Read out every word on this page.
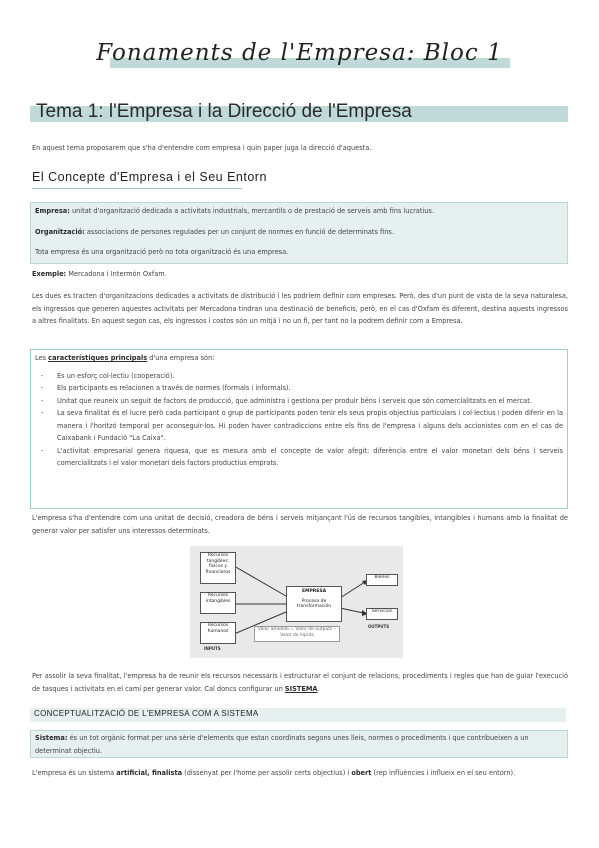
Fonaments de l'Empresa: Bloc 1
Tema 1: l'Empresa i la Direcció de l'Empresa
En aquest tema proposarem que s'ha d'entendre com empresa i quin paper juga la direcció d'aquesta.
El Concepte d'Empresa i el Seu Entorn
Empresa: unitat d'organització dedicada a activitats industrials, mercantils o de prestació de serveis amb fins lucratius.
Organització: associacions de persones regulades per un conjunt de normes en funció de determinats fins.
Tota empresa és una organització però no tota organització és una empresa.
Exemple: Mercadona i Intermón Oxfam.
Les dues es tracten d'organitzacions dedicades a activitats de distribució i les podríem definir com empreses. Però, des d'un punt de vista de la seva naturalesa, els ingressos que generen aquestes activitats per Mercadona tindran una destinació de beneficis, però, en el cas d'Oxfam és diferent, destina aquests ingressos a altres finalitats. En aquest segon cas, els ingressos i costos són un mitjà i no un fi, per tant no la podrem definir com a Empresa.
Les característiques principals d'una empresa són:
- És un esforç col·lectiu (cooperació).
- Els participants es relacionen a través de normes (formals i informals).
- Unitat que reuneix un seguit de factors de producció, que administra i gestiona per produir béns i serveis que són comercialitzats en el mercat.
- La seva finalitat és el lucre però cada participant o grup de participants poden tenir els seus propis objectius particulars i col·lectius i poden diferir en la manera i l'horitzó temporal per aconseguir-los. Hi poden haver contradiccions entre els fins de l'empresa i alguns dels accionistes com en el cas de Caixabank i Fundació "La Caixa".
- L'activitat empresarial genera riquesa, que es mesura amb el concepte de valor afegit: diferència entre el valor monetari dels béns i serveis comercialitzats i el valor monetari dels factors productius emprats.
L'empresa s'ha d'entendre com una unitat de decisió, creadora de béns i serveis mitjançant l'ús de recursos tangibles, intangibles i humans amb la finalitat de generar valor per satisfer uns interessos determinats.
Recursos tangibles: físicos y financieros
Recursos intangibles
Recursos humanos
INPUTS
EMPRESA
Proceso de transformación
Bienes
Servicios
OUTPUTS
Valor añadido = Valor de outputs – Valor de inputs
Per assolir la seva finalitat, l'empresa ha de reunir els recursos necessaris i estructurar el conjunt de relacions, procediments i regles que han de guiar l'execució de tasques i activitats en el camí per generar valor. Cal doncs configurar un SISTEMA.
CONCEPTUALITZACIÓ DE L'EMPRESA COM A SISTEMA
Sistema: és un tot orgànic format per una sèrie d'elements que estan coordinats segons unes lleis, normes o procediments i que contribueixen a un determinat objectiu.
L'empresa és un sistema artificial, finalista (dissenyat per l'home per assolir certs objectius) i obert (rep influències i influeix en el seu entorn).
